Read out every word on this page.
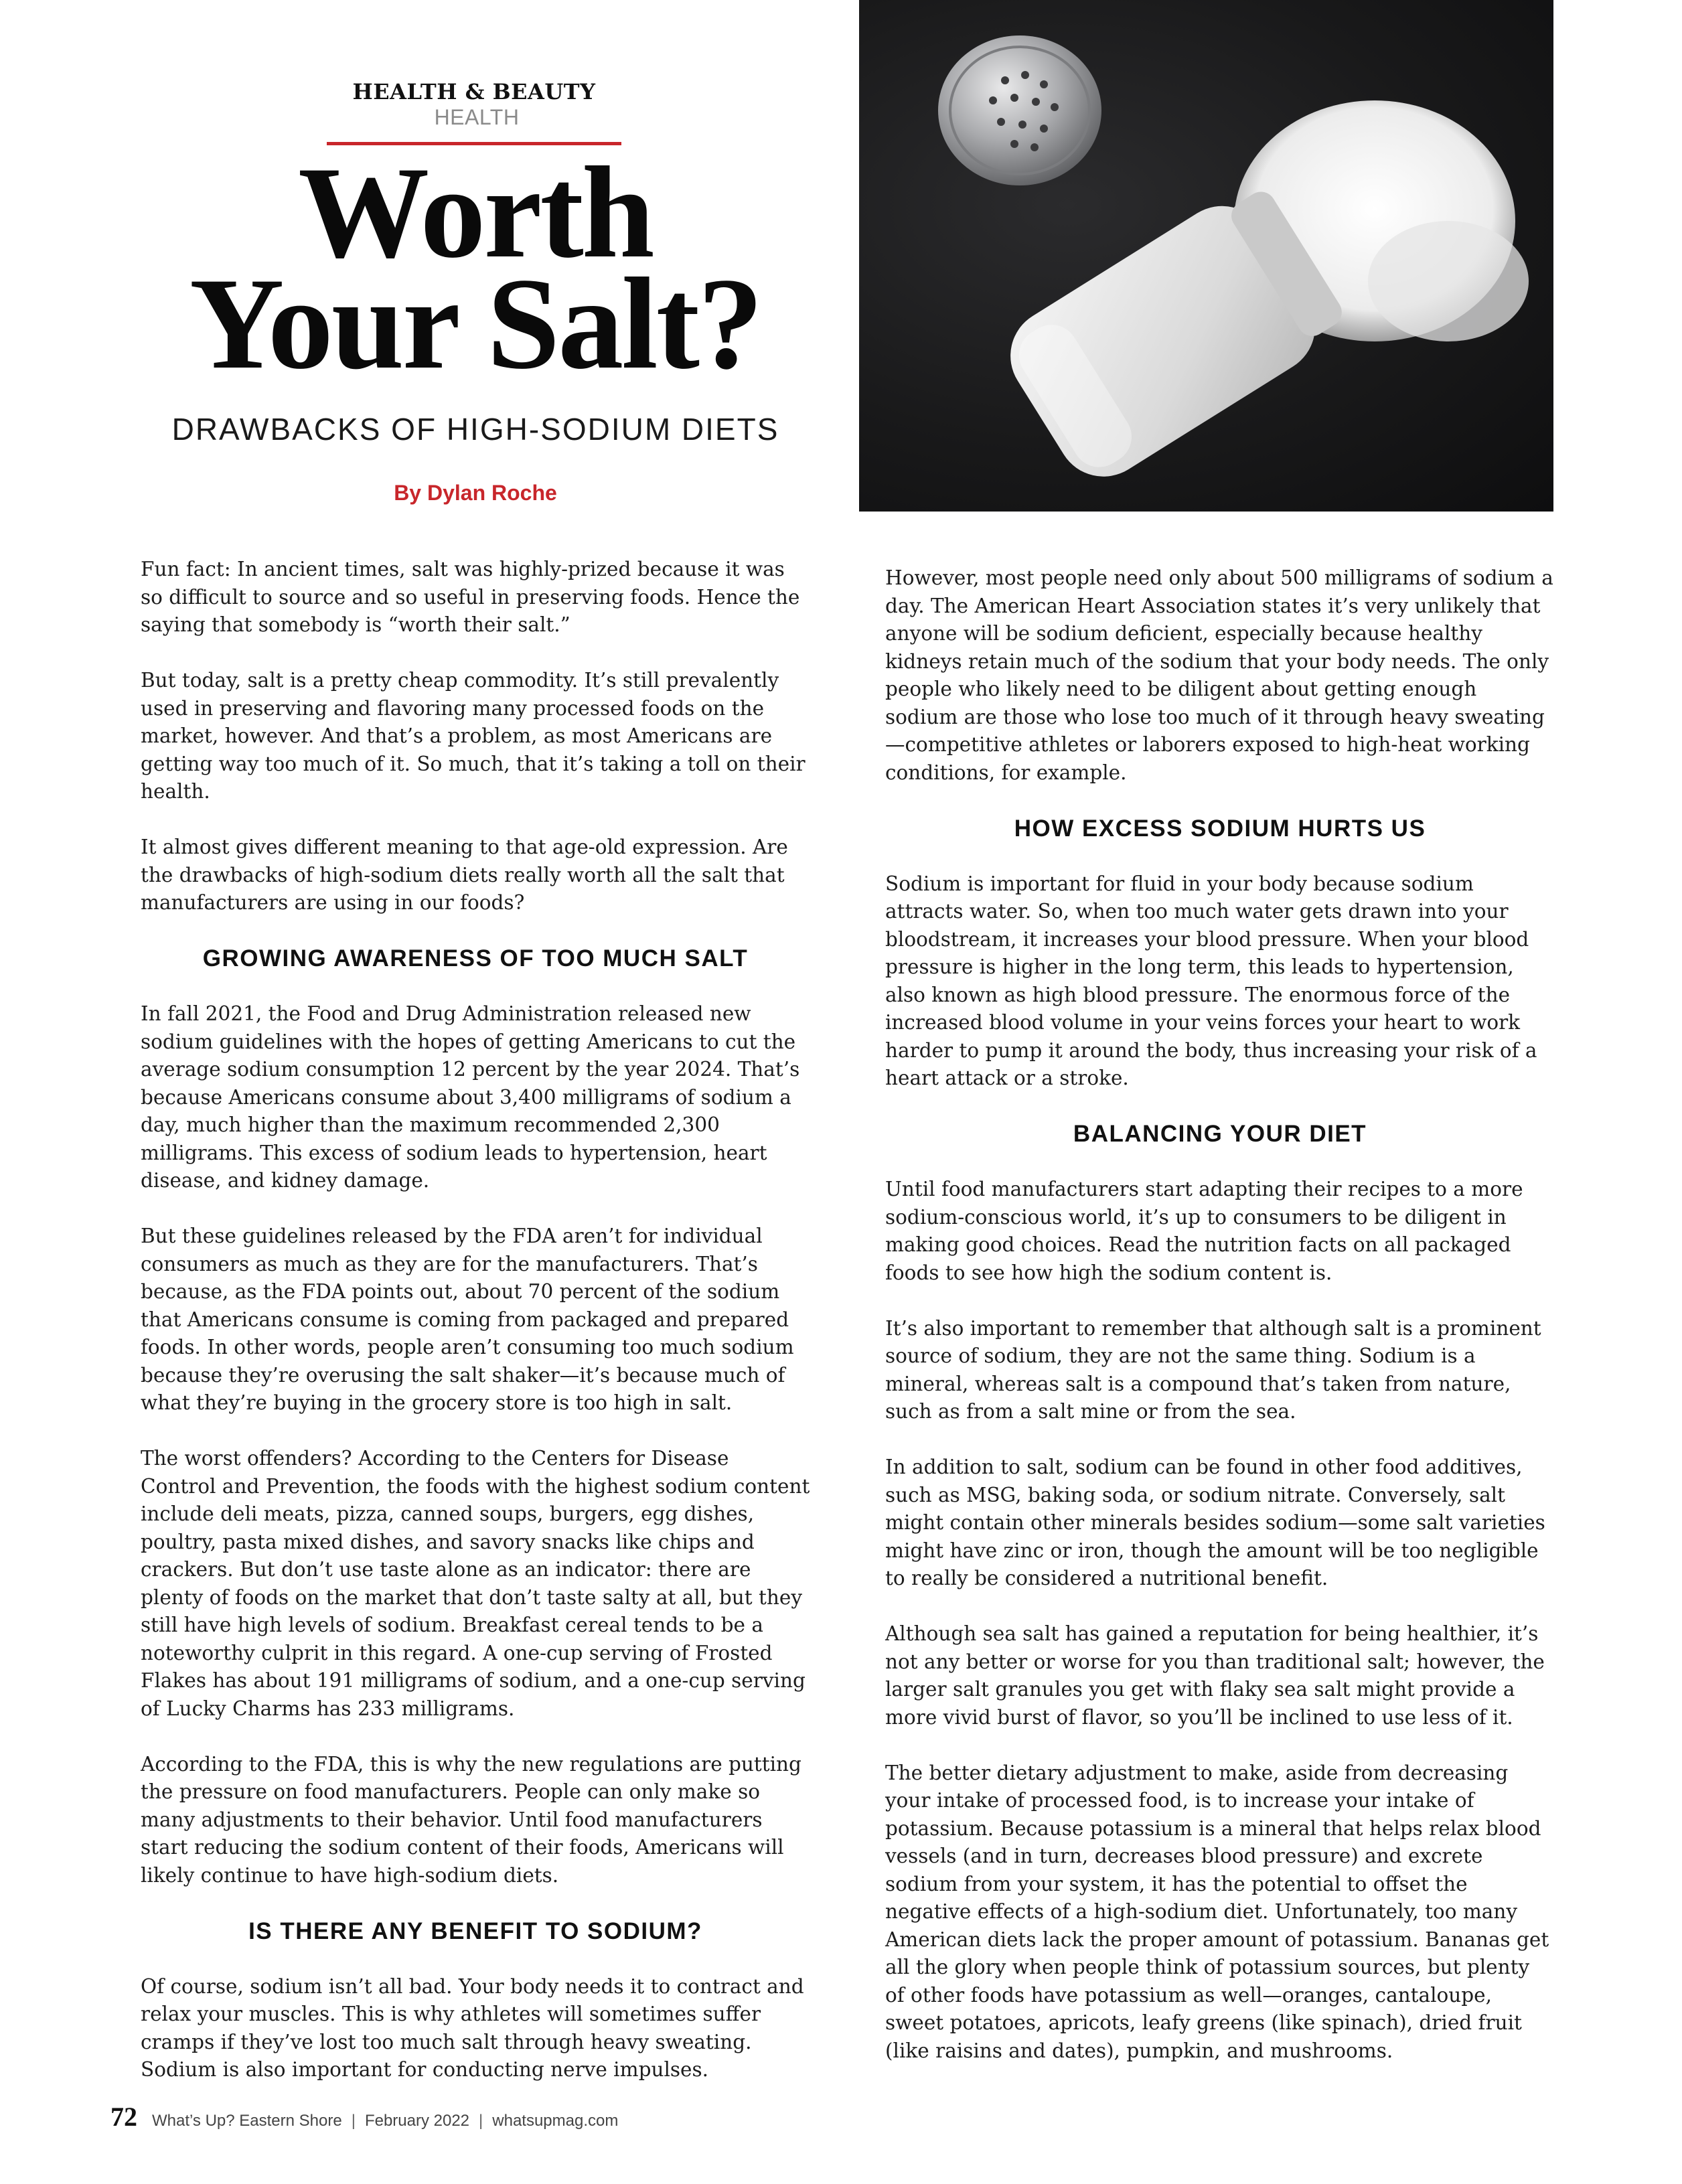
HEALTH & BEAUTY HEALTH
Worth
Your Salt?
DRAWBACKS OF HIGH-SODIUM DIETS
By Dylan Roche

Fun fact: In ancient times, salt was highly-prized because it was so difficult to source and so useful in preserving foods. Hence the saying that somebody is “worth their salt.”

But today, salt is a pretty cheap commodity. It’s still prevalently used in preserving and flavoring many processed foods on the market, however. And that’s a problem, as most Americans are getting way too much of it. So much, that it’s taking a toll on their health.

It almost gives different meaning to that age-old expression. Are the drawbacks of high-sodium diets really worth all the salt that manufacturers are using in our foods?

GROWING AWARENESS OF TOO MUCH SALT

In fall 2021, the Food and Drug Administration released new sodium guidelines with the hopes of getting Americans to cut the average sodium consumption 12 percent by the year 2024. That’s because Americans consume about 3,400 milligrams of sodium a day, much higher than the maximum recommended 2,300 milligrams. This excess of sodium leads to hypertension, heart disease, and kidney damage.

But these guidelines released by the FDA aren’t for individual consumers as much as they are for the manufacturers. That’s because, as the FDA points out, about 70 percent of the sodium that Americans consume is coming from packaged and prepared foods. In other words, people aren’t consuming too much sodium because they’re overusing the salt shaker—it’s because much of what they’re buying in the grocery store is too high in salt.

The worst offenders? According to the Centers for Disease Control and Prevention, the foods with the highest sodium content include deli meats, pizza, canned soups, burgers, egg dishes, poultry, pasta mixed dishes, and savory snacks like chips and crackers. But don’t use taste alone as an indicator: there are plenty of foods on the market that don’t taste salty at all, but they still have high levels of sodium. Breakfast cereal tends to be a noteworthy culprit in this regard. A one-cup serving of Frosted Flakes has about 191 milligrams of sodium, and a one-cup serving of Lucky Charms has 233 milligrams.

According to the FDA, this is why the new regulations are putting the pressure on food manufacturers. People can only make so many adjustments to their behavior. Until food manufacturers start reducing the sodium content of their foods, Americans will likely continue to have high-sodium diets.

IS THERE ANY BENEFIT TO SODIUM?

Of course, sodium isn’t all bad. Your body needs it to contract and relax your muscles. This is why athletes will sometimes suffer cramps if they’ve lost too much salt through heavy sweating. Sodium is also important for conducting nerve impulses.

However, most people need only about 500 milligrams of sodium a day. The American Heart Association states it’s very unlikely that anyone will be sodium deficient, especially because healthy kidneys retain much of the sodium that your body needs. The only people who likely need to be diligent about getting enough sodium are those who lose too much of it through heavy sweating—competitive athletes or laborers exposed to high-heat working conditions, for example.

HOW EXCESS SODIUM HURTS US

Sodium is important for fluid in your body because sodium attracts water. So, when too much water gets drawn into your bloodstream, it increases your blood pressure. When your blood pressure is higher in the long term, this leads to hypertension, also known as high blood pressure. The enormous force of the increased blood volume in your veins forces your heart to work harder to pump it around the body, thus increasing your risk of a heart attack or a stroke.

BALANCING YOUR DIET

Until food manufacturers start adapting their recipes to a more sodium-conscious world, it’s up to consumers to be diligent in making good choices. Read the nutrition facts on all packaged foods to see how high the sodium content is.

It’s also important to remember that although salt is a prominent source of sodium, they are not the same thing. Sodium is a mineral, whereas salt is a compound that’s taken from nature, such as from a salt mine or from the sea.

In addition to salt, sodium can be found in other food additives, such as MSG, baking soda, or sodium nitrate. Conversely, salt might contain other minerals besides sodium—some salt varieties might have zinc or iron, though the amount will be too negligible to really be considered a nutritional benefit.

Although sea salt has gained a reputation for being healthier, it’s not any better or worse for you than traditional salt; however, the larger salt granules you get with flaky sea salt might provide a more vivid burst of flavor, so you’ll be inclined to use less of it.

The better dietary adjustment to make, aside from decreasing your intake of processed food, is to increase your intake of potassium. Because potassium is a mineral that helps relax blood vessels (and in turn, decreases blood pressure) and excrete sodium from your system, it has the potential to offset the negative effects of a high-sodium diet. Unfortunately, too many American diets lack the proper amount of potassium. Bananas get all the glory when people think of potassium sources, but plenty of other foods have potassium as well—oranges, cantaloupe, sweet potatoes, apricots, leafy greens (like spinach), dried fruit (like raisins and dates), pumpkin, and mushrooms.

72 What’s Up? Eastern Shore | February 2022 | whatsupmag.com
